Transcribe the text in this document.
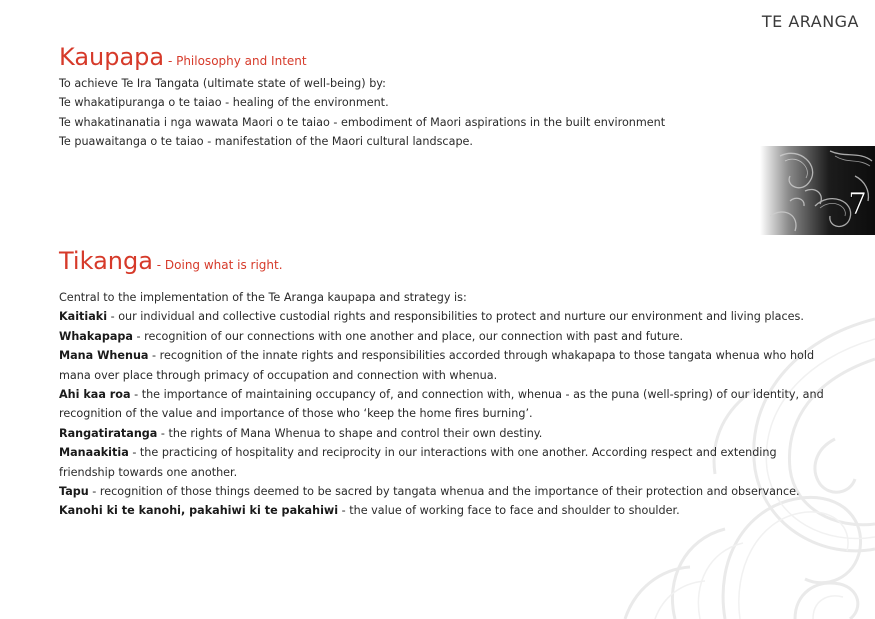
TE ARANGA
7
Kaupapa - Philosophy and Intent
To achieve Te Ira Tangata (ultimate state of well-being) by:
Te whakatipuranga o te taiao - healing of the environment.
Te whakatinanatia i nga wawata Maori o te taiao - embodiment of Maori aspirations in the built environment
Te puawaitanga o te taiao - manifestation of the Maori cultural landscape.
Tikanga - Doing what is right.
Central to the implementation of the Te Aranga kaupapa and strategy is:
Kaitiaki - our individual and collective custodial rights and responsibilities to protect and nurture our environment and living places.
Whakapapa - recognition of our connections with one another and place, our connection with past and future.
Mana Whenua - recognition of the innate rights and responsibilities accorded through whakapapa to those tangata whenua who hold
mana over place through primacy of occupation and connection with whenua.
Ahi kaa roa - the importance of maintaining occupancy of, and connection with, whenua - as the puna (well-spring) of our identity, and
recognition of the value and importance of those who ‘keep the home fires burning’.
Rangatiratanga - the rights of Mana Whenua to shape and control their own destiny.
Manaakitia - the practicing of hospitality and reciprocity in our interactions with one another. According respect and extending
friendship towards one another.
Tapu - recognition of those things deemed to be sacred by tangata whenua and the importance of their protection and observance.
Kanohi ki te kanohi, pakahiwi ki te pakahiwi - the value of working face to face and shoulder to shoulder.
